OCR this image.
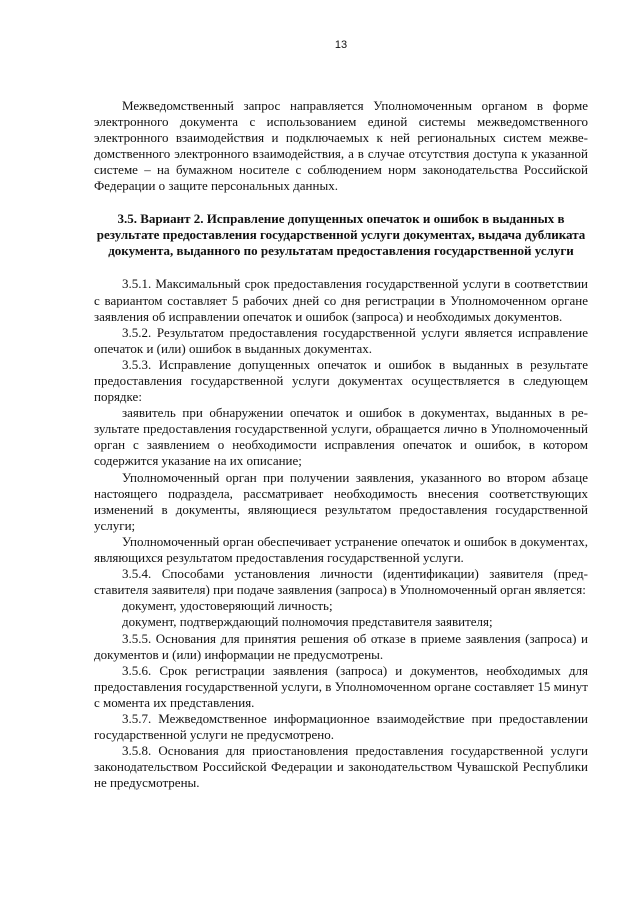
13

Межведомственный запрос направляется Уполномоченным органом в форме электронного документа с использованием единой системы межведомственного электронного взаимодействия и подключаемых к ней региональных систем межведомственного электронного взаимодействия, а в случае отсутствия доступа к указанной системе – на бумажном носителе с соблюдением норм законодательства Российской Федерации о защите персональных данных.

3.5. Вариант 2. Исправление допущенных опечаток и ошибок в выданных в результате предоставления государственной услуги документах, выдача дубликата документа, выданного по результатам предоставления государственной услуги

3.5.1. Максимальный срок предоставления государственной услуги в соответствии с вариантом составляет 5 рабочих дней со дня регистрации в Уполномоченном органе заявления об исправлении опечаток и ошибок (запроса) и необходимых документов.

3.5.2. Результатом предоставления государственной услуги является исправление опечаток и (или) ошибок в выданных документах.

3.5.3. Исправление допущенных опечаток и ошибок в выданных в результате предоставления государственной услуги документах осуществляется в следующем порядке:

заявитель при обнаружении опечаток и ошибок в документах, выданных в результате предоставления государственной услуги, обращается лично в Уполномоченный орган с заявлением о необходимости исправления опечаток и ошибок, в котором содержится указание на их описание;

Уполномоченный орган при получении заявления, указанного во втором абзаце настоящего подраздела, рассматривает необходимость внесения соответствующих изменений в документы, являющиеся результатом предоставления государственной услуги;

Уполномоченный орган обеспечивает устранение опечаток и ошибок в документах, являющихся результатом предоставления государственной услуги.

3.5.4. Способами установления личности (идентификации) заявителя (представителя заявителя) при подаче заявления (запроса) в Уполномоченный орган является:

документ, удостоверяющий личность;

документ, подтверждающий полномочия представителя заявителя;

3.5.5. Основания для принятия решения об отказе в приеме заявления (запроса) и документов и (или) информации не предусмотрены.

3.5.6. Срок регистрации заявления (запроса) и документов, необходимых для предоставления государственной услуги, в Уполномоченном органе составляет 15 минут с момента их представления.

3.5.7. Межведомственное информационное взаимодействие при предоставлении государственной услуги не предусмотрено.

3.5.8. Основания для приостановления предоставления государственной услуги законодательством Российской Федерации и законодательством Чувашской Республики не предусмотрены.
